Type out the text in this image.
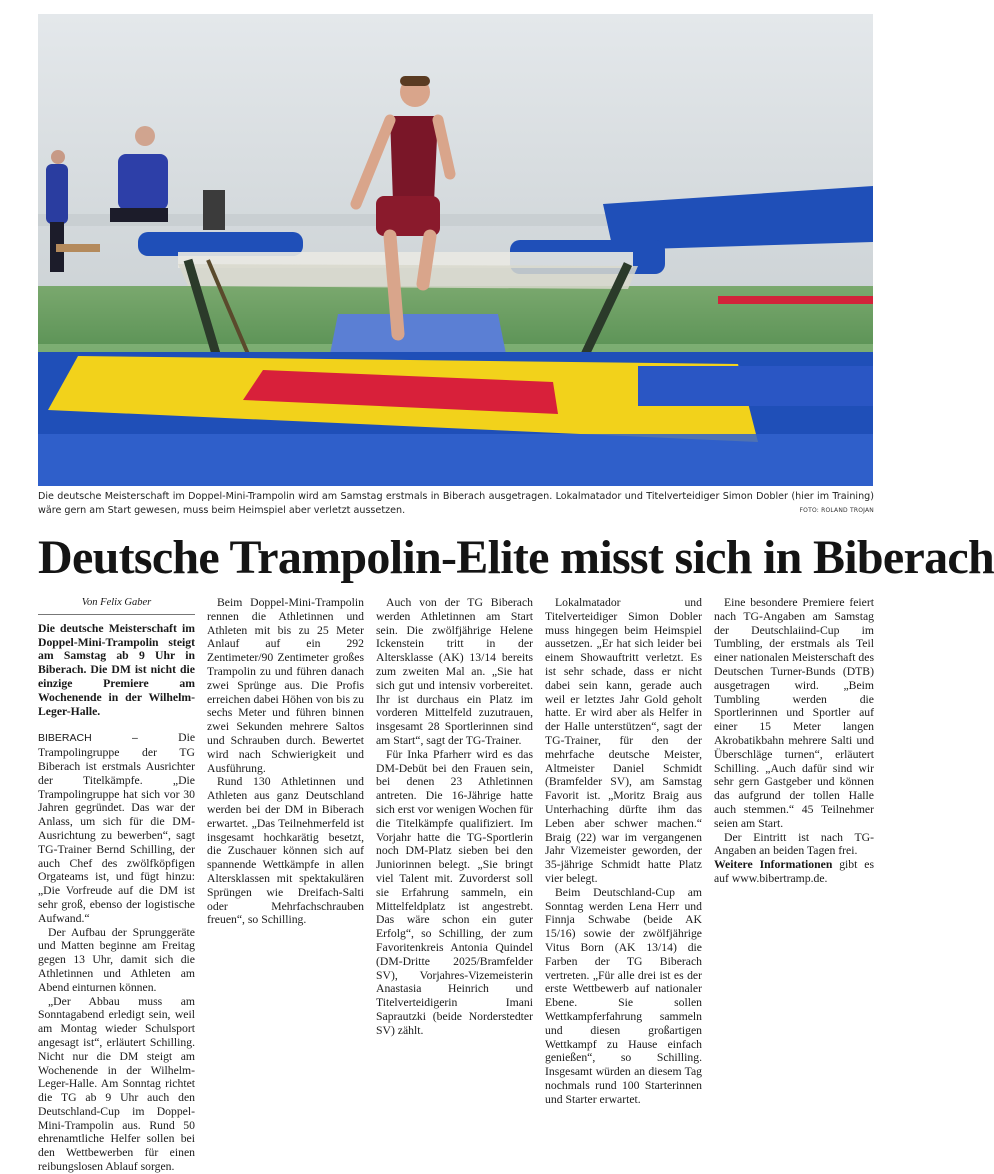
Die deutsche Meisterschaft im Doppel-Mini-Trampolin wird am Samstag erstmals in Biberach ausgetragen. Lokalmatador und Titelverteidiger Simon Dobler (hier im Training) wäre gern am Start gewesen, muss beim Heimspiel aber verletzt aussetzen.	FOTO: ROLAND TROJAN
Deutsche Trampolin-Elite misst sich in Biberach

Von Felix Gaber

Die deutsche Meisterschaft im Doppel-Mini-Trampolin steigt am Samstag ab 9 Uhr in Biberach. Die DM ist nicht die einzige Premiere am Wochenende in der Wilhelm-Leger-Halle.

BIBERACH –	Die Trampolingruppe der TG Biberach ist erstmals Ausrichter der Titelkämpfe. „Die Trampolingruppe hat sich vor 30 Jahren gegründet. Das war der Anlass, um sich für die DM-Ausrichtung zu bewerben“, sagt TG-Trainer Bernd Schilling, der auch Chef des zwölfköpfigen Orgateams ist, und fügt hinzu: „Die Vorfreude auf die DM ist sehr groß, ebenso der logistische Aufwand.“

Der Aufbau der Sprunggeräte und Matten beginne am Freitag gegen 13 Uhr, damit sich die Athletinnen und Athleten am Abend einturnen können.

„Der Abbau muss am Sonntagabend erledigt sein, weil am Montag wieder Schulsport angesagt ist“, erläutert Schilling. Nicht nur die DM steigt am Wochenende in der Wilhelm-Leger-Halle. Am Sonntag richtet die TG ab 9 Uhr auch den Deutschland-Cup im Doppel-Mini-Trampolin aus. Rund 50 ehrenamtliche Helfer sollen bei den Wettbewerben für einen reibungslosen Ablauf sorgen.

Beim Doppel-Mini-Trampolin rennen die Athletinnen und Athleten mit bis zu 25 Meter Anlauf auf ein 292 Zentimeter/90 Zentimeter großes Trampolin zu und führen danach zwei Sprünge aus. Die Profis erreichen dabei Höhen von bis zu sechs Meter und führen binnen zwei Sekunden mehrere Saltos und Schrauben durch. Bewertet wird nach Schwierigkeit und Ausführung.

Rund 130 Athletinnen und Athleten aus ganz Deutschland werden bei der DM in Biberach erwartet. „Das Teilnehmerfeld ist insgesamt hochkarätig besetzt, die Zuschauer können sich auf spannende Wettkämpfe in allen Altersklassen mit spektakulären Sprüngen wie Dreifach-Salti oder Mehrfachschrauben freuen“, so Schilling.

Auch von der TG Biberach werden Athletinnen am Start sein. Die zwölfjährige Helene Ickenstein tritt in der Altersklasse (AK) 13/14 bereits zum zweiten Mal an. „Sie hat sich gut und intensiv vorbereitet. Ihr ist durchaus ein Platz im vorderen Mittelfeld zuzutrauen, insgesamt 28 Sportlerinnen sind am Start“, sagt der TG-Trainer.

Für Inka Pfarherr wird es das DM-Debüt bei den Frauen sein, bei denen 23 Athletinnen antreten. Die 16-Jährige hatte sich erst vor wenigen Wochen für die Titelkämpfe qualifiziert. Im Vorjahr hatte die TG-Sportlerin noch DM-Platz sieben bei den Juniorinnen belegt. „Sie bringt viel Talent mit. Zuvorderst soll sie Erfahrung sammeln, ein Mittelfeldplatz ist angestrebt. Das wäre schon ein guter Erfolg“, so Schilling, der zum Favoritenkreis Antonia Quindel (DM-Dritte 2025/Bramfelder SV), Vorjahres-Vizemeisterin Anastasia Heinrich und Titelverteidigerin Imani Saprautzki (beide Norderstedter SV) zählt.

Lokalmatador und Titelverteidiger Simon Dobler muss hingegen beim Heimspiel aussetzen. „Er hat sich leider bei einem Showauftritt verletzt. Es ist sehr schade, dass er nicht dabei sein kann, gerade auch weil er letztes Jahr Gold geholt hatte. Er wird aber als Helfer in der Halle unterstützen“, sagt der TG-Trainer, für den der mehrfache deutsche Meister, Altmeister Daniel Schmidt (Bramfelder SV), am Samstag Favorit ist. „Moritz Braig aus Unterhaching dürfte ihm das Leben aber schwer machen.“ Braig (22) war im vergangenen Jahr Vizemeister geworden, der 35-jährige Schmidt hatte Platz vier belegt.

Beim Deutschland-Cup am Sonntag werden Lena Herr und Finnja Schwabe (beide AK 15/16) sowie der zwölfjährige Vitus Born (AK 13/14) die Farben der TG Biberach vertreten. „Für alle drei ist es der erste Wettbewerb auf nationaler Ebene. Sie sollen Wettkampferfahrung sammeln und diesen großartigen Wettkampf zu Hause einfach genießen“, so Schilling. Insgesamt würden an diesem Tag nochmals rund 100 Starterinnen und Starter erwartet.

Eine besondere Premiere feiert nach TG-Angaben am Samstag der Deutschlaiind-Cup im Tumbling, der erstmals als Teil einer nationalen Meisterschaft des Deutschen Turner-Bunds (DTB) ausgetragen wird. „Beim Tumbling werden die Sportlerinnen und Sportler auf einer 15 Meter langen Akrobatikbahn mehrere Salti und Überschläge turnen“, erläutert Schilling. „Auch dafür sind wir sehr gern Gastgeber und können das aufgrund der tollen Halle auch stemmen.“ 45 Teilnehmer seien am Start.

Der Eintritt ist nach TG-Angaben an beiden Tagen frei.

Weitere Informationen gibt es auf www.bibertramp.de.
